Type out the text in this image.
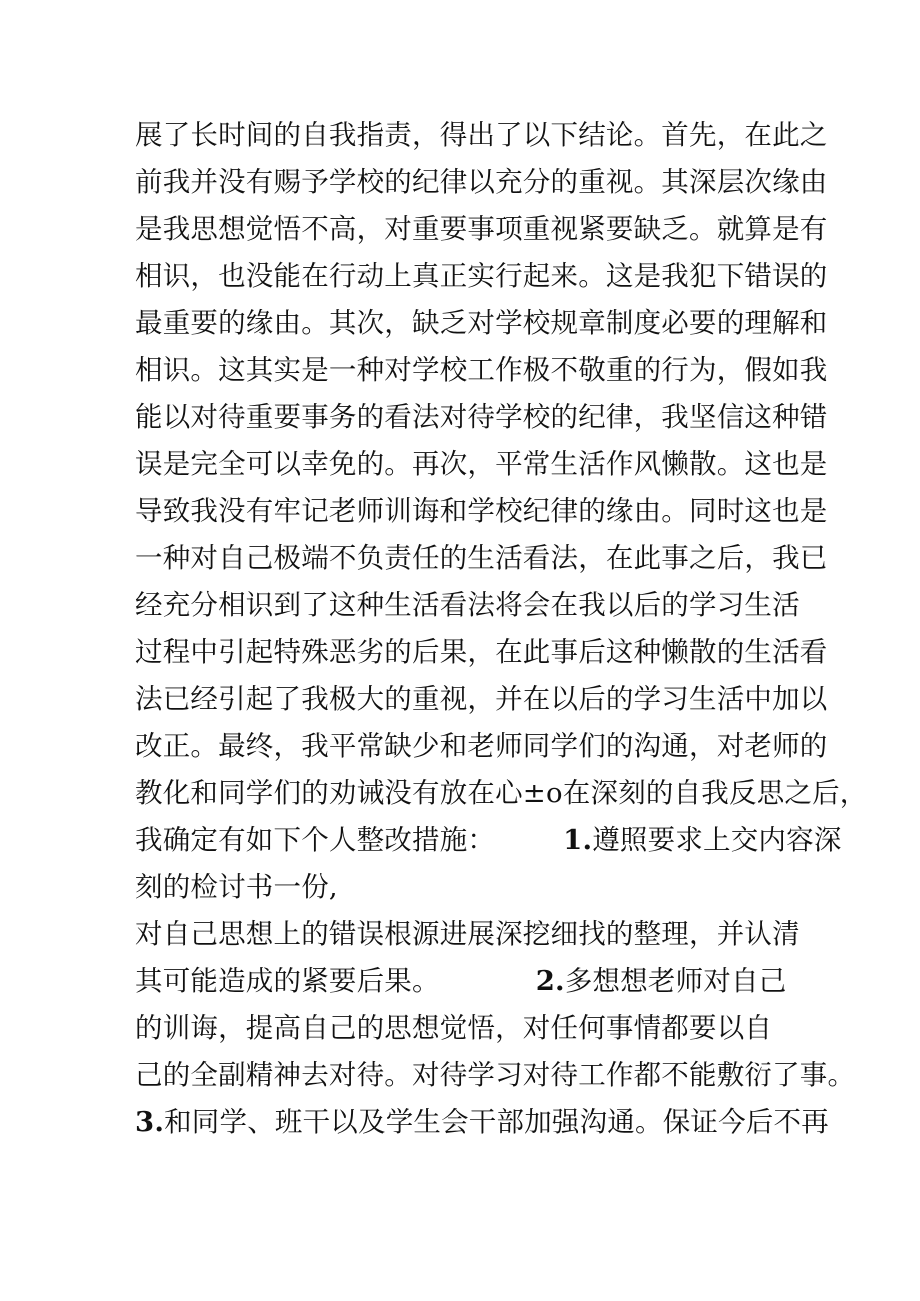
展了长时间的自我指责，得出了以下结论。首先，在此之
前我并没有赐予学校的纪律以充分的重视。其深层次缘由
是我思想觉悟不高，对重要事项重视紧要缺乏。就算是有
相识，也没能在行动上真正实行起来。这是我犯下错误的
最重要的缘由。其次，缺乏对学校规章制度必要的理解和
相识。这其实是一种对学校工作极不敬重的行为，假如我
能以对待重要事务的看法对待学校的纪律，我坚信这种错
误是完全可以幸免的。再次，平常生活作风懒散。这也是
导致我没有牢记老师训诲和学校纪律的缘由。同时这也是
一种对自己极端不负责任的生活看法，在此事之后，我已
经充分相识到了这种生活看法将会在我以后的学习生活
过程中引起特殊恶劣的后果，在此事后这种懒散的生活看
法已经引起了我极大的重视，并在以后的学习生活中加以
改正。最终，我平常缺少和老师同学们的沟通，对老师的
教化和同学们的劝诫没有放在心±o在深刻的自我反思之后，
我确定有如下个人整改措施： 1.遵照要求上交内容深
刻的检讨书一份,
对自己思想上的错误根源进展深挖细找的整理，并认清
其可能造成的紧要后果。	2.多想想老师对自己
的训诲，提高自己的思想觉悟，对任何事情都要以自
己的全副精神去对待。对待学习对待工作都不能敷衍了事。
3.和同学、班干以及学生会干部加强沟通。保证今后不再
